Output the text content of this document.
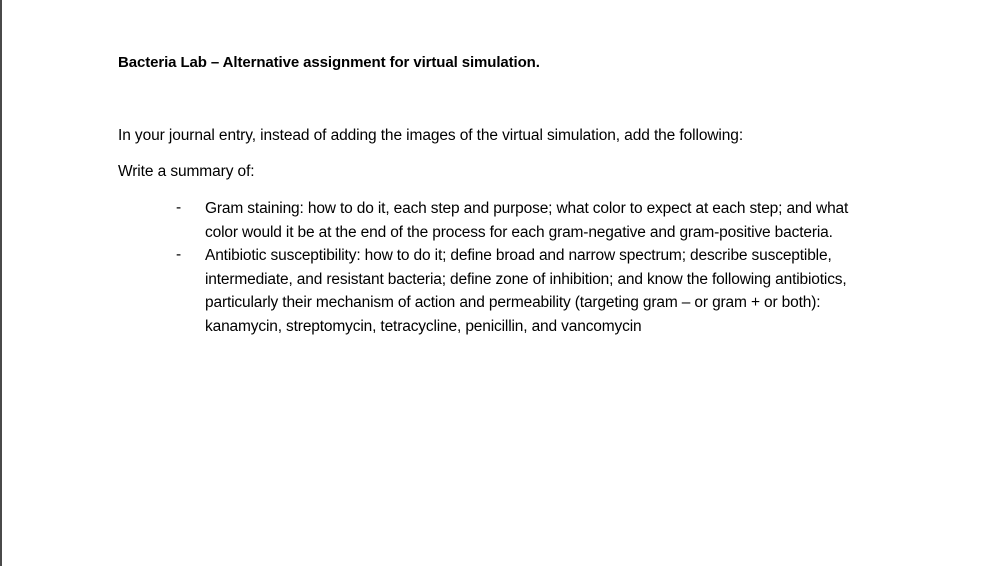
Bacteria Lab – Alternative assignment for virtual simulation.
In your journal entry, instead of adding the images of the virtual simulation, add the following:
Write a summary of:
- Gram staining: how to do it, each step and purpose; what color to expect at each step; and what color would it be at the end of the process for each gram-negative and gram-positive bacteria.
- Antibiotic susceptibility: how to do it; define broad and narrow spectrum; describe susceptible, intermediate, and resistant bacteria; define zone of inhibition; and know the following antibiotics, particularly their mechanism of action and permeability (targeting gram – or gram + or both): kanamycin, streptomycin, tetracycline, penicillin, and vancomycin
